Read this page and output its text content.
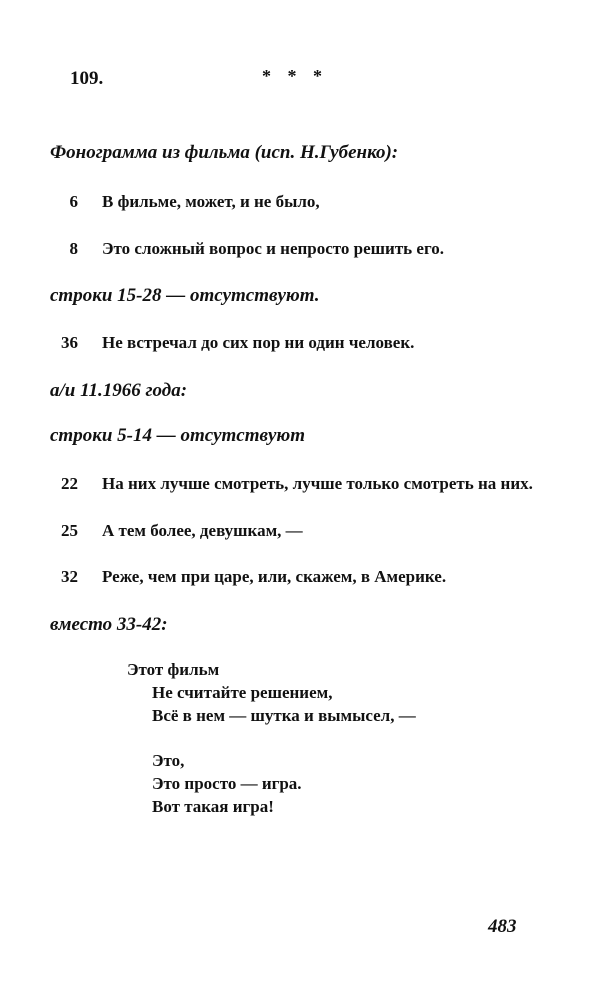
109.	* * *
Фонограмма из фильма (исп. Н.Губенко):
6 В фильме, может, и не было,
8 Это сложный вопрос и непросто решить его.
строки 15-28 — отсутствуют.
36 Не встречал до сих пор ни один человек.
а/и 11.1966 года:
строки 5-14 — отсутствуют
22 На них лучше смотреть, лучше только смотреть на них.
25 А тем более, девушкам, —
32 Реже, чем при царе, или, скажем, в Америке.
вместо 33-42:
Этот фильм
Не считайте решением,
Всё в нем — шутка и вымысел, —
Это,
Это просто — игра.
Вот такая игра!
483
